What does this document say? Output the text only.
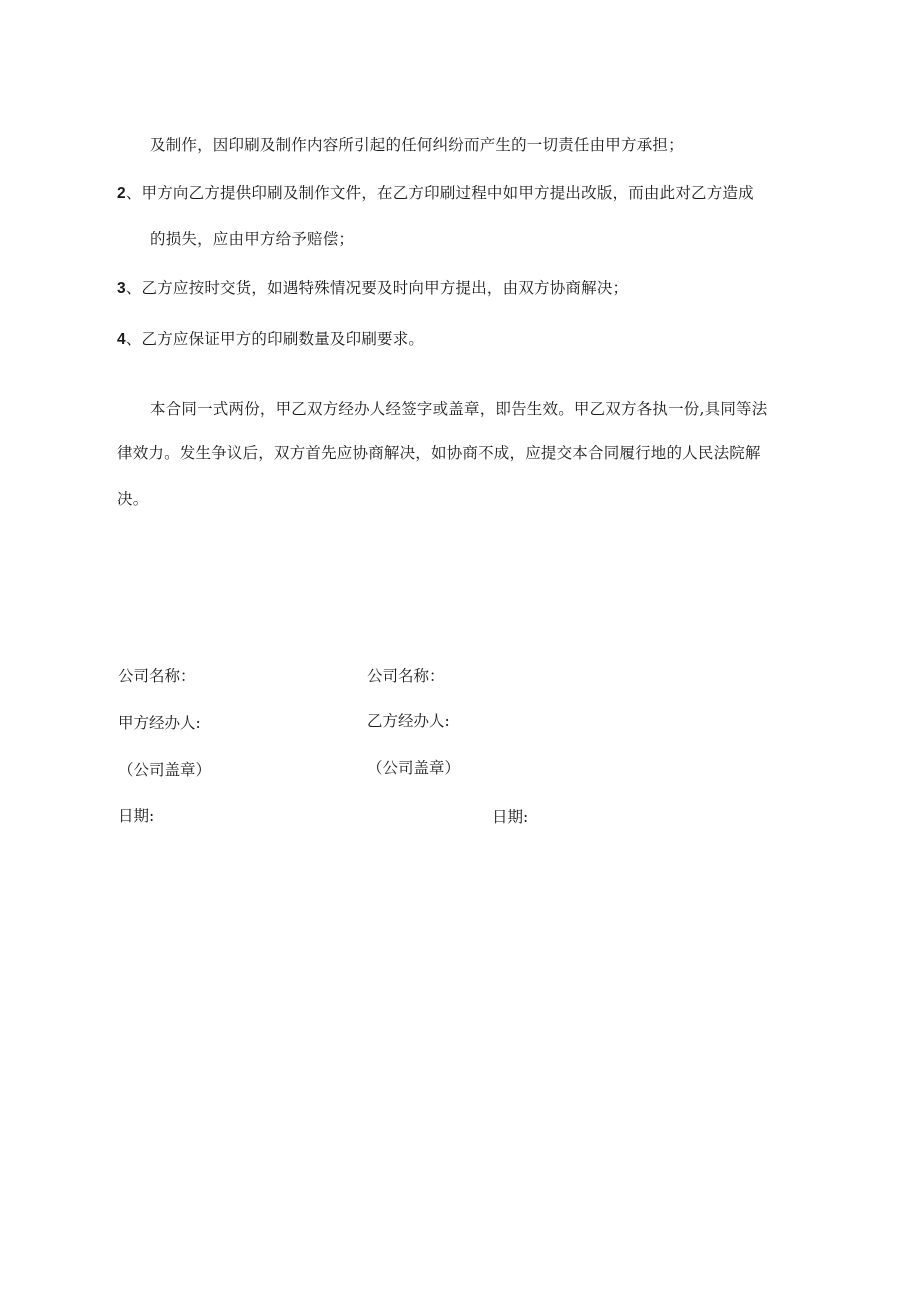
及制作，因印刷及制作内容所引起的任何纠纷而产生的一切责任由甲方承担；
2、甲方向乙方提供印刷及制作文件，在乙方印刷过程中如甲方提出改版，而由此对乙方造成
的损失，应由甲方给予赔偿；
3、乙方应按时交货，如遇特殊情况要及时向甲方提出，由双方协商解决；
4、乙方应保证甲方的印刷数量及印刷要求。
本合同一式两份，甲乙双方经办人经签字或盖章，即告生效。甲乙双方各执一份,具同等法
律效力。发生争议后，双方首先应协商解决，如协商不成，应提交本合同履行地的人民法院解
决。
公司名称：	公司名称：
甲方经办人:	乙方经办人:
（公司盖章）	（公司盖章）
日期:	日期:
